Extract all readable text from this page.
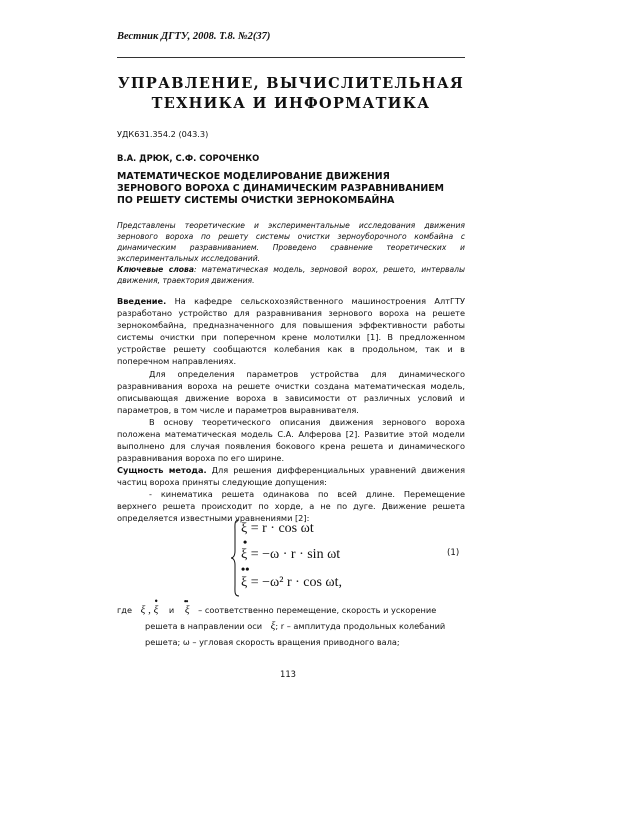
Вестник ДГТУ, 2008. Т.8. №2(37)
УПРАВЛЕНИЕ, ВЫЧИСЛИТЕЛЬНАЯ
ТЕХНИКА И ИНФОРМАТИКА
УДК631.354.2 (043.3)
В.А. ДРЮК, С.Ф. СОРОЧЕНКО
МАТЕМАТИЧЕСКОЕ МОДЕЛИРОВАНИЕ ДВИЖЕНИЯ
ЗЕРНОВОГО ВОРОХА С ДИНАМИЧЕСКИМ РАЗРАВНИВАНИЕМ
ПО РЕШЕТУ СИСТЕМЫ ОЧИСТКИ ЗЕРНОКОМБАЙНА
Представлены теоретические и экспериментальные исследования движения
зернового вороха по решету системы очистки зерноуборочного комбайна с
динамическим разравниванием. Проведено сравнение теоретических и
экспериментальных исследований.
Ключевые слова: математическая модель, зерновой ворох, решето, интервалы
движения, траектория движения.
Введение. На кафедре сельскохозяйственного машиностроения АлтГТУ
разработано устройство для разравнивания зернового вороха на решете
зернокомбайна, предназначенного для повышения эффективности работы
системы очистки при поперечном крене молотилки [1]. В предложенном
устройстве решету сообщаются колебания как в продольном, так и в
поперечном направлениях.
Для определения параметров устройства для динамического
разравнивания вороха на решете очистки создана математическая модель,
описывающая движение вороха в зависимости от различных условий и
параметров, в том числе и параметров выравнивателя.
В основу теоретического описания движения зернового вороха
положена математическая модель С.А. Алферова [2]. Развитие этой модели
выполнено для случая появления бокового крена решета и динамического
разравнивания вороха по его ширине.
Сущность метода. Для решения дифференциальных уравнений движения
частиц вороха приняты следующие допущения:
- кинематика решета одинакова по всей длине. Перемещение
верхнего решета происходит по хорде, а не по дуге. Движение решета
определяется известными уравнениями [2]:
ξ = r · cos ωt
•
ξ = −ω · r · sin ωt
••
ξ = −ω² r · cos ωt,
(1)
где ξ , ξ
•
и ξ
••
– соответственно перемещение, скорость и ускорение
решета в направлении оси ξ; r – амплитуда продольных колебаний
решета; ω – угловая скорость вращения приводного вала;
113
